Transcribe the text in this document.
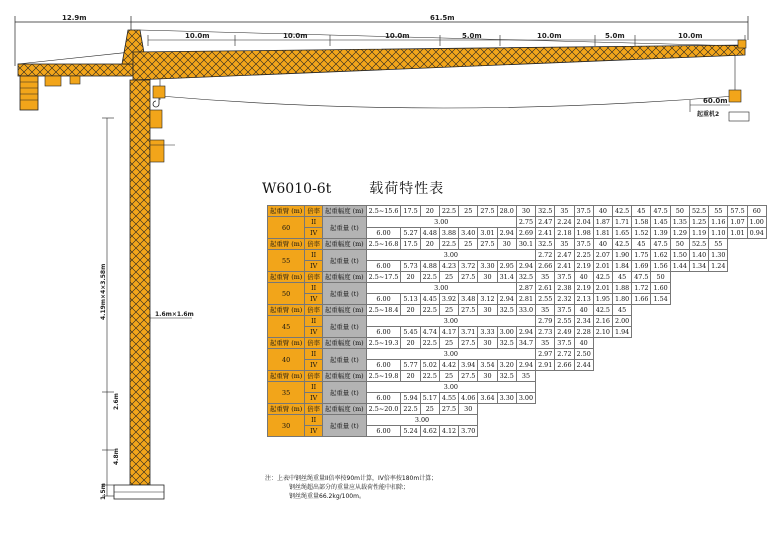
12.9m	61.5m
10.0m	10.0m	10.0m	5.0m	10.0m	5.0m	10.0m
60.0m
起重机2
4.19m×4×3.58m
2.6m
4.8m
1.5m
1.6m×1.6m
W6010-6t	载荷特性表
起重臂 (m)	倍率	起重幅度 (m)	2.5~15.6	17.5	20	22.5	25	27.5	28.0	30	32.5	35	37.5	40	42.5	45	47.5	50	52.5	55	57.5	60
60	II	起重量 (t)	3.00							2.75	2.47	2.24	2.04	1.87	1.71	1.58	1.45	1.35	1.25	1.16	1.07	1.00
	IV		6.00	5.27	4.48	3.88	3.40	3.01	2.94	2.69	2.41	2.18	1.98	1.81	1.65	1.52	1.39	1.29	1.19	1.10	1.01	0.94
起重臂 (m)	倍率	起重幅度 (m)	2.5~16.8	17.5	20	22.5	25	27.5	30	30.1	32.5	35	37.5	40	42.5	45	47.5	50	52.5	55		
55	II	起重量 (t)	3.00								2.72	2.47	2.25	2.07	1.90	1.75	1.62	1.50	1.40	1.30		
	IV		6.00	5.73	4.88	4.23	3.72	3.30	2.95	2.94	2.66	2.41	2.19	2.01	1.84	1.69	1.56	1.44	1.34	1.24		
起重臂 (m)	倍率	起重幅度 (m)	2.5~17.5	20	22.5	25	27.5	30	31.4	32.5	35	37.5	40	42.5	45	47.5	50					
50	II	起重量 (t)	3.00							2.87	2.61	2.38	2.19	2.01	1.88	1.72	1.60					
	IV		6.00	5.13	4.45	3.92	3.48	3.12	2.94	2.81	2.55	2.32	2.13	1.95	1.80	1.66	1.54					
起重臂 (m)	倍率	起重幅度 (m)	2.5~18.4	20	22.5	25	27.5	30	32.5	33.0	35	37.5	40	42.5	45							
45	II	起重量 (t)	3.00								2.79	2.55	2.34	2.16	2.00							
	IV		6.00	5.45	4.74	4.17	3.71	3.33	3.00	2.94	2.73	2.49	2.28	2.10	1.94							
起重臂 (m)	倍率	起重幅度 (m)	2.5~19.3	20	22.5	25	27.5	30	32.5	34.7	35	37.5	40									
40	II	起重量 (t)	3.00								2.97	2.72	2.50									
	IV		6.00	5.77	5.02	4.42	3.94	3.54	3.20	2.94	2.91	2.66	2.44									
起重臂 (m)	倍率	起重幅度 (m)	2.5~19.8	20	22.5	25	27.5	30	32.5	35												
35	II	起重量 (t)	3.00																			
	IV		6.00	5.94	5.17	4.55	4.06	3.64	3.30	3.00												
起重臂 (m)	倍率	起重幅度 (m)	2.5~20.0	22.5	25	27.5	30															
30	II	起重量 (t)	3.00																			
	IV		6.00	5.24	4.62	4.12	3.70															
注：上表中钢丝绳重量II倍率按90m计算，IV倍率按180m计算；
钢丝绳超出部分的重量应从载荷性能中扣除；
钢丝绳重量66.2kg/100m。
